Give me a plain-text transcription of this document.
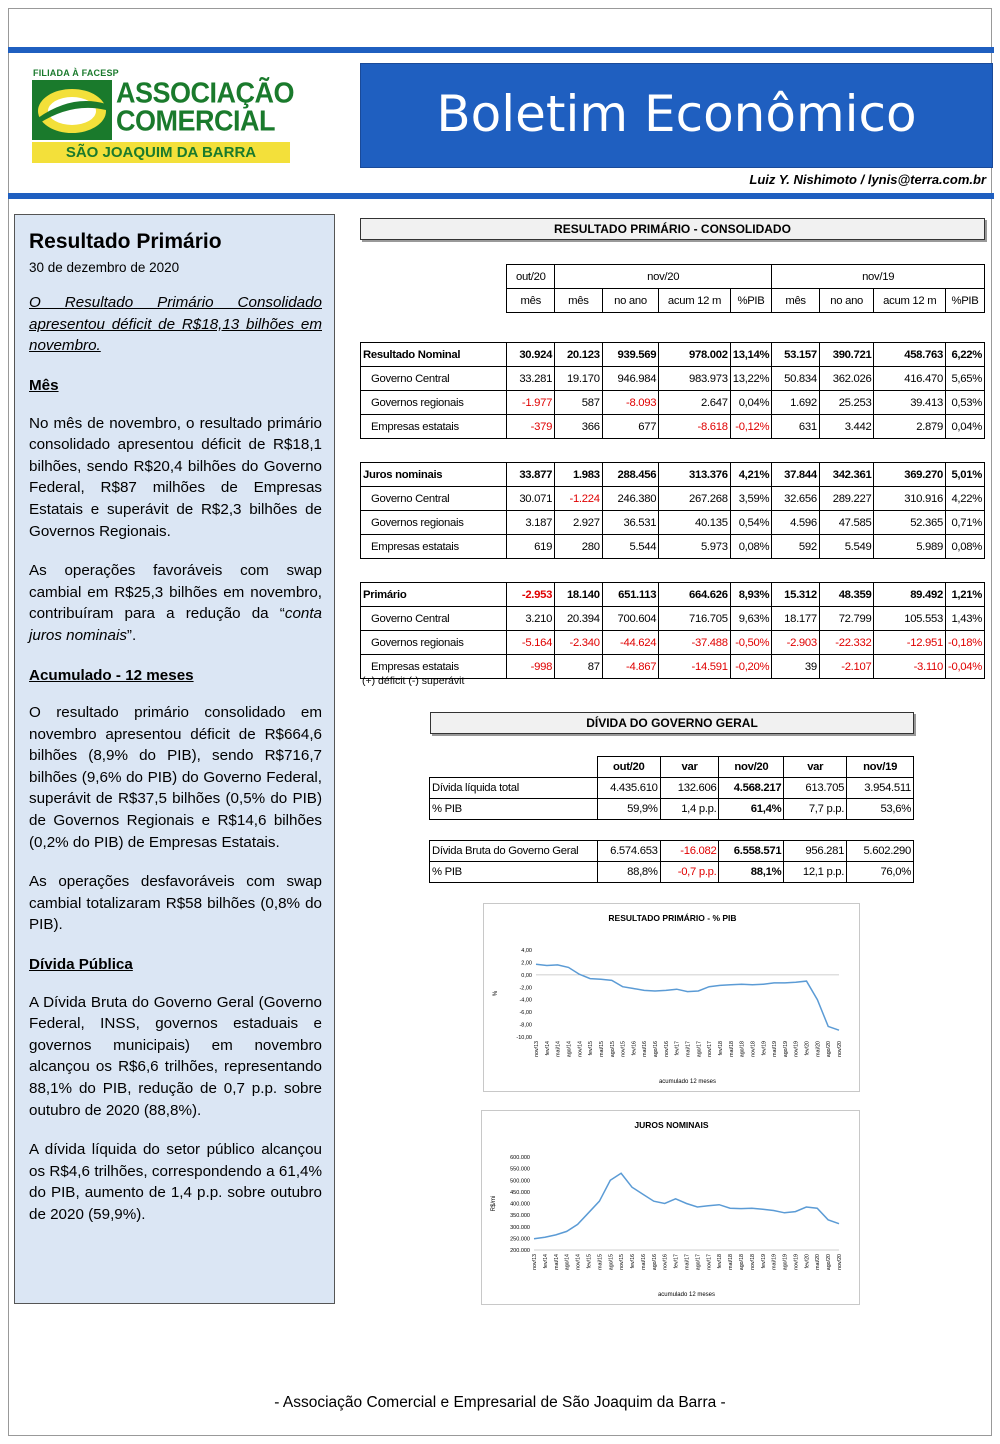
FILIADA À FACESP
ASSOCIAÇÃO
COMERCIAL
SÃO JOAQUIM DA BARRA
Boletim Econômico
Luiz Y. Nishimoto / lynis@terra.com.br
Resultado Primário
30 de dezembro de 2020

O Resultado Primário Consolidado apresentou déficit de R$18,13 bilhões em novembro.

Mês

No mês de novembro, o resultado primário consolidado apresentou déficit de R$18,1 bilhões, sendo R$20,4 bilhões do Governo Federal, R$87 milhões de Empresas Estatais e superávit de R$2,3 bilhões de Governos Regionais.

As operações favoráveis com swap cambial em R$25,3 bilhões em novembro, contribuíram para a redução da “conta juros nominais”.

Acumulado - 12 meses

O resultado primário consolidado em novembro apresentou déficit de R$664,6 bilhões (8,9% do PIB), sendo R$716,7 bilhões (9,6% do PIB) do Governo Federal, superávit de R$37,5 bilhões (0,5% do PIB) de Governos Regionais e R$14,6 bilhões (0,2% do PIB) de Empresas Estatais.

As operações desfavoráveis com swap cambial totalizaram R$58 bilhões (0,8% do PIB).

Dívida Pública

A Dívida Bruta do Governo Geral (Governo Federal, INSS, governos estaduais e governos municipais) em novembro alcançou os R$6,6 trilhões, representando 88,1% do PIB, redução de 0,7 p.p. sobre outubro de 2020 (88,8%).

A dívida líquida do setor público alcançou os R$4,6 trilhões, correspondendo a 61,4% do PIB, aumento de 1,4 p.p. sobre outubro de 2020 (59,9%).

RESULTADO PRIMÁRIO - CONSOLIDADO
	out/20	nov/20				nov/19			
	mês	mês	no ano	acum 12 m	%PIB	mês	no ano	acum 12 m	%PIB

Resultado Nominal	30.924	20.123	939.569	978.002	13,14%	53.157	390.721	458.763	6,22%
Governo Central	33.281	19.170	946.984	983.973	13,22%	50.834	362.026	416.470	5,65%
Governos regionais	-1.977	587	-8.093	2.647	0,04%	1.692	25.253	39.413	0,53%
Empresas estatais	-379	366	677	-8.618	-0,12%	631	3.442	2.879	0,04%

Juros nominais	33.877	1.983	288.456	313.376	4,21%	37.844	342.361	369.270	5,01%
Governo Central	30.071	-1.224	246.380	267.268	3,59%	32.656	289.227	310.916	4,22%
Governos regionais	3.187	2.927	36.531	40.135	0,54%	4.596	47.585	52.365	0,71%
Empresas estatais	619	280	5.544	5.973	0,08%	592	5.549	5.989	0,08%

Primário	-2.953	18.140	651.113	664.626	8,93%	15.312	48.359	89.492	1,21%
Governo Central	3.210	20.394	700.604	716.705	9,63%	18.177	72.799	105.553	1,43%
Governos regionais	-5.164	-2.340	-44.624	-37.488	-0,50%	-2.903	-22.332	-12.951	-0,18%
Empresas estatais	-998	87	-4.867	-14.591	-0,20%	39	-2.107	-3.110	-0,04%
(+) déficit (-) superávit
DÍVIDA DO GOVERNO GERAL
	out/20	var	nov/20	var	nov/19
Dívida líquida total	4.435.610	132.606	4.568.217	613.705	3.954.511
% PIB	59,9%	1,4 p.p.	61,4%	7,7 p.p.	53,6%

Dívida Bruta do Governo Geral	6.574.653	-16.082	6.558.571	956.281	5.602.290
% PIB	88,8%	-0,7 p.p.	88,1%	12,1 p.p.	76,0%
RESULTADO PRIMÁRIO - % PIB
4,00
2,00
0,00
-2,00
-4,00
-6,00
-8,00
-10,00
%
nov/13 fev/14 mai/14 ago/14 nov/14 fev/15 mai/15 ago/15 nov/15 fev/16 mai/16 ago/16 nov/16 fev/17 mai/17 ago/17 nov/17 fev/18 mai/18 ago/18 nov/18 fev/19 mai/19 ago/19 nov/19 fev/20 mai/20 ago/20 nov/20
acumulado 12 meses
JUROS NOMINAIS
600.000
550.000
500.000
450.000
400.000
350.000
300.000
250.000
200.000
R$/mi
nov/13 fev/14 mai/14 ago/14 nov/14 fev/15 mai/15 ago/15 nov/15 fev/16 mai/16 ago/16 nov/16 fev/17 mai/17 ago/17 nov/17 fev/18 mai/18 ago/18 nov/18 fev/19 mai/19 ago/19 nov/19 fev/20 mai/20 ago/20 nov/20
acumulado 12 meses
- Associação Comercial e Empresarial de São Joaquim da Barra -
